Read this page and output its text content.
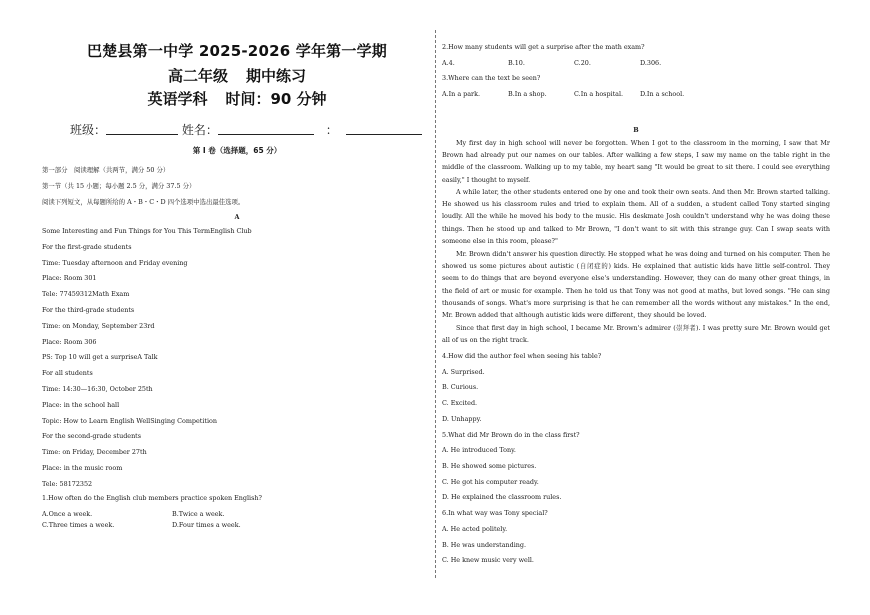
巴楚县第一中学 2025-2026 学年第一学期
高二年级 期中练习
英语学科 时间：90 分钟
班级：	姓名：	：
第 I 卷（选择题，65 分）
第一部分　阅读理解（共两节，满分 50 分）
第一节（共 15 小题；每小题 2.5 分，满分 37.5 分）
阅读下列短文，从每题所给的 A・B・C・D 四个选项中选出最佳选项。
A
Some Interesting and Fun Things for You This TermEnglish Club
For the first-grade students
Time: Tuesday afternoon and Friday evening
Place: Room 301
Tele: 77459312Math Exam
For the third-grade students
Time: on Monday, September 23rd
Place: Room 306
PS: Top 10 will get a surpriseA Talk
For all students
Time: 14:30—16:30, October 25th
Place: in the school hall
Topic: How to Learn English WellSinging Competition
For the second-grade students
Time: on Friday, December 27th
Place: in the music room
Tele: 58172352
1.How often do the English club members practice spoken English?
A.Once a week.	B.Twice a week.
C.Three times a week.	D.Four times a week.
2.How many students will get a surprise after the math exam?
A.4.	B.10.	C.20.	D.306.
3.Where can the text be seen?
A.In a park.	B.In a shop.	C.In a hospital.	D.In a school.
B
My first day in high school will never be forgotten. When I got to the classroom in the morning, I saw that Mr Brown had already put our names on our tables. After walking a few steps, I saw my name on the table right in the middle of the classroom. Walking up to my table, my heart sang "It would be great to sit there. I could see everything easily," I thought to myself.
A while later, the other students entered one by one and took their own seats. And then Mr. Brown started talking. He showed us his classroom rules and tried to explain them. All of a sudden, a student called Tony started singing loudly. All the while he moved his body to the music. His deskmate Josh couldn't understand why he was doing these things. Then he stood up and talked to Mr Brown, "I don't want to sit with this strange guy. Can I swap seats with someone else in this room, please?"
Mr. Brown didn't answer his question directly. He stopped what he was doing and turned on his computer. Then he showed us some pictures about autistic (自闭症的) kids. He explained that autistic kids have little self-control. They seem to do things that are beyond everyone else's understanding. However, they can do many other great things, in the field of art or music for example. Then he told us that Tony was not good at maths, but loved songs. "He can sing thousands of songs. What's more surprising is that he can remember all the words without any mistakes." In the end, Mr. Brown added that although autistic kids were different, they should be loved.
Since that first day in high school, I became Mr. Brown's admirer (崇拜者). I was pretty sure Mr. Brown would get all of us on the right track.
4.How did the author feel when seeing his table?
A. Surprised.
B. Curious.
C. Excited.
D. Unhappy.
5.What did Mr Brown do in the class first?
A. He introduced Tony.
B. He showed some pictures.
C. He got his computer ready.
D. He explained the classroom rules.
6.In what way was Tony special?
A. He acted politely.
B. He was understanding.
C. He knew music very well.
